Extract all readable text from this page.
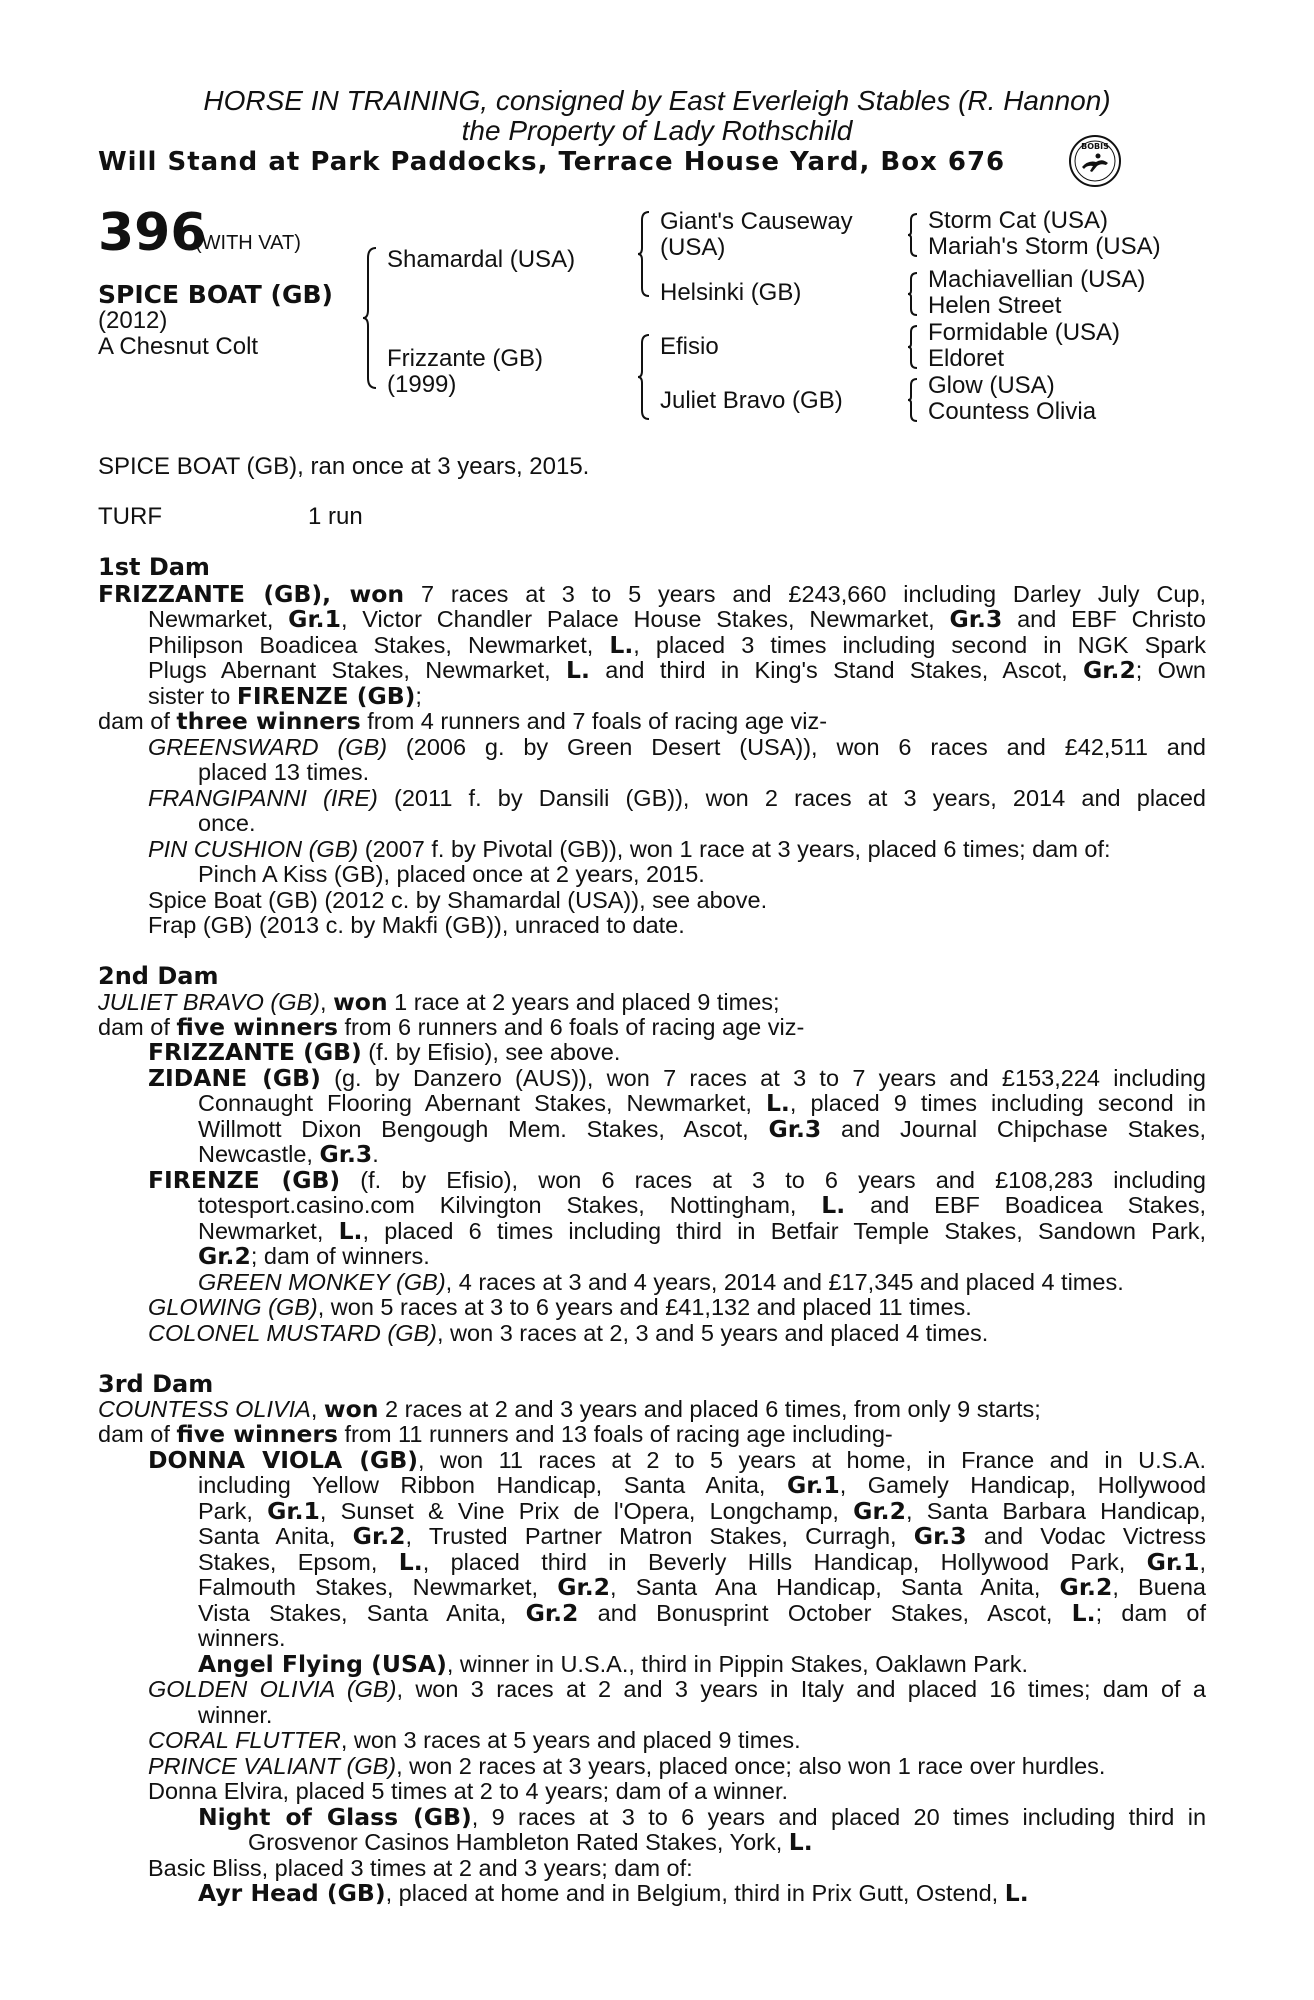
HORSE IN TRAINING, consigned by East Everleigh Stables (R. Hannon)
the Property of Lady Rothschild
Will Stand at Park Paddocks, Terrace House Yard, Box 676
BOBIS
396
(WITH VAT)
SPICE BOAT (GB)
(2012)
A Chesnut Colt
Shamardal (USA)
Frizzante (GB)
(1999)
Giant's Causeway
(USA)
Helsinki (GB)
Efisio
Juliet Bravo (GB)
Storm Cat (USA)
Mariah's Storm (USA)
Machiavellian (USA)
Helen Street
Formidable (USA)
Eldoret
Glow (USA)
Countess Olivia
SPICE BOAT (GB), ran once at 3 years, 2015.
TURF	1 run
1st Dam
FRIZZANTE (GB), won 7 races at 3 to 5 years and £243,660 including Darley July Cup,
Newmarket, Gr.1, Victor Chandler Palace House Stakes, Newmarket, Gr.3 and EBF Christo
Philipson Boadicea Stakes, Newmarket, L., placed 3 times including second in NGK Spark
Plugs Abernant Stakes, Newmarket, L. and third in King's Stand Stakes, Ascot, Gr.2; Own
sister to FIRENZE (GB);
dam of three winners from 4 runners and 7 foals of racing age viz-
GREENSWARD (GB) (2006 g. by Green Desert (USA)), won 6 races and £42,511 and
placed 13 times.
FRANGIPANNI (IRE) (2011 f. by Dansili (GB)), won 2 races at 3 years, 2014 and placed
once.
PIN CUSHION (GB) (2007 f. by Pivotal (GB)), won 1 race at 3 years, placed 6 times; dam of:
Pinch A Kiss (GB), placed once at 2 years, 2015.
Spice Boat (GB) (2012 c. by Shamardal (USA)), see above.
Frap (GB) (2013 c. by Makfi (GB)), unraced to date.
2nd Dam
JULIET BRAVO (GB), won 1 race at 2 years and placed 9 times;
dam of five winners from 6 runners and 6 foals of racing age viz-
FRIZZANTE (GB) (f. by Efisio), see above.
ZIDANE (GB) (g. by Danzero (AUS)), won 7 races at 3 to 7 years and £153,224 including
Connaught Flooring Abernant Stakes, Newmarket, L., placed 9 times including second in
Willmott Dixon Bengough Mem. Stakes, Ascot, Gr.3 and Journal Chipchase Stakes,
Newcastle, Gr.3.
FIRENZE (GB) (f. by Efisio), won 6 races at 3 to 6 years and £108,283 including
totesport.casino.com Kilvington Stakes, Nottingham, L. and EBF Boadicea Stakes,
Newmarket, L., placed 6 times including third in Betfair Temple Stakes, Sandown Park,
Gr.2; dam of winners.
GREEN MONKEY (GB), 4 races at 3 and 4 years, 2014 and £17,345 and placed 4 times.
GLOWING (GB), won 5 races at 3 to 6 years and £41,132 and placed 11 times.
COLONEL MUSTARD (GB), won 3 races at 2, 3 and 5 years and placed 4 times.
3rd Dam
COUNTESS OLIVIA, won 2 races at 2 and 3 years and placed 6 times, from only 9 starts;
dam of five winners from 11 runners and 13 foals of racing age including-
DONNA VIOLA (GB), won 11 races at 2 to 5 years at home, in France and in U.S.A.
including Yellow Ribbon Handicap, Santa Anita, Gr.1, Gamely Handicap, Hollywood
Park, Gr.1, Sunset & Vine Prix de l'Opera, Longchamp, Gr.2, Santa Barbara Handicap,
Santa Anita, Gr.2, Trusted Partner Matron Stakes, Curragh, Gr.3 and Vodac Victress
Stakes, Epsom, L., placed third in Beverly Hills Handicap, Hollywood Park, Gr.1,
Falmouth Stakes, Newmarket, Gr.2, Santa Ana Handicap, Santa Anita, Gr.2, Buena
Vista Stakes, Santa Anita, Gr.2 and Bonusprint October Stakes, Ascot, L.; dam of
winners.
Angel Flying (USA), winner in U.S.A., third in Pippin Stakes, Oaklawn Park.
GOLDEN OLIVIA (GB), won 3 races at 2 and 3 years in Italy and placed 16 times; dam of a
winner.
CORAL FLUTTER, won 3 races at 5 years and placed 9 times.
PRINCE VALIANT (GB), won 2 races at 3 years, placed once; also won 1 race over hurdles.
Donna Elvira, placed 5 times at 2 to 4 years; dam of a winner.
Night of Glass (GB), 9 races at 3 to 6 years and placed 20 times including third in
Grosvenor Casinos Hambleton Rated Stakes, York, L.
Basic Bliss, placed 3 times at 2 and 3 years; dam of:
Ayr Head (GB), placed at home and in Belgium, third in Prix Gutt, Ostend, L.
